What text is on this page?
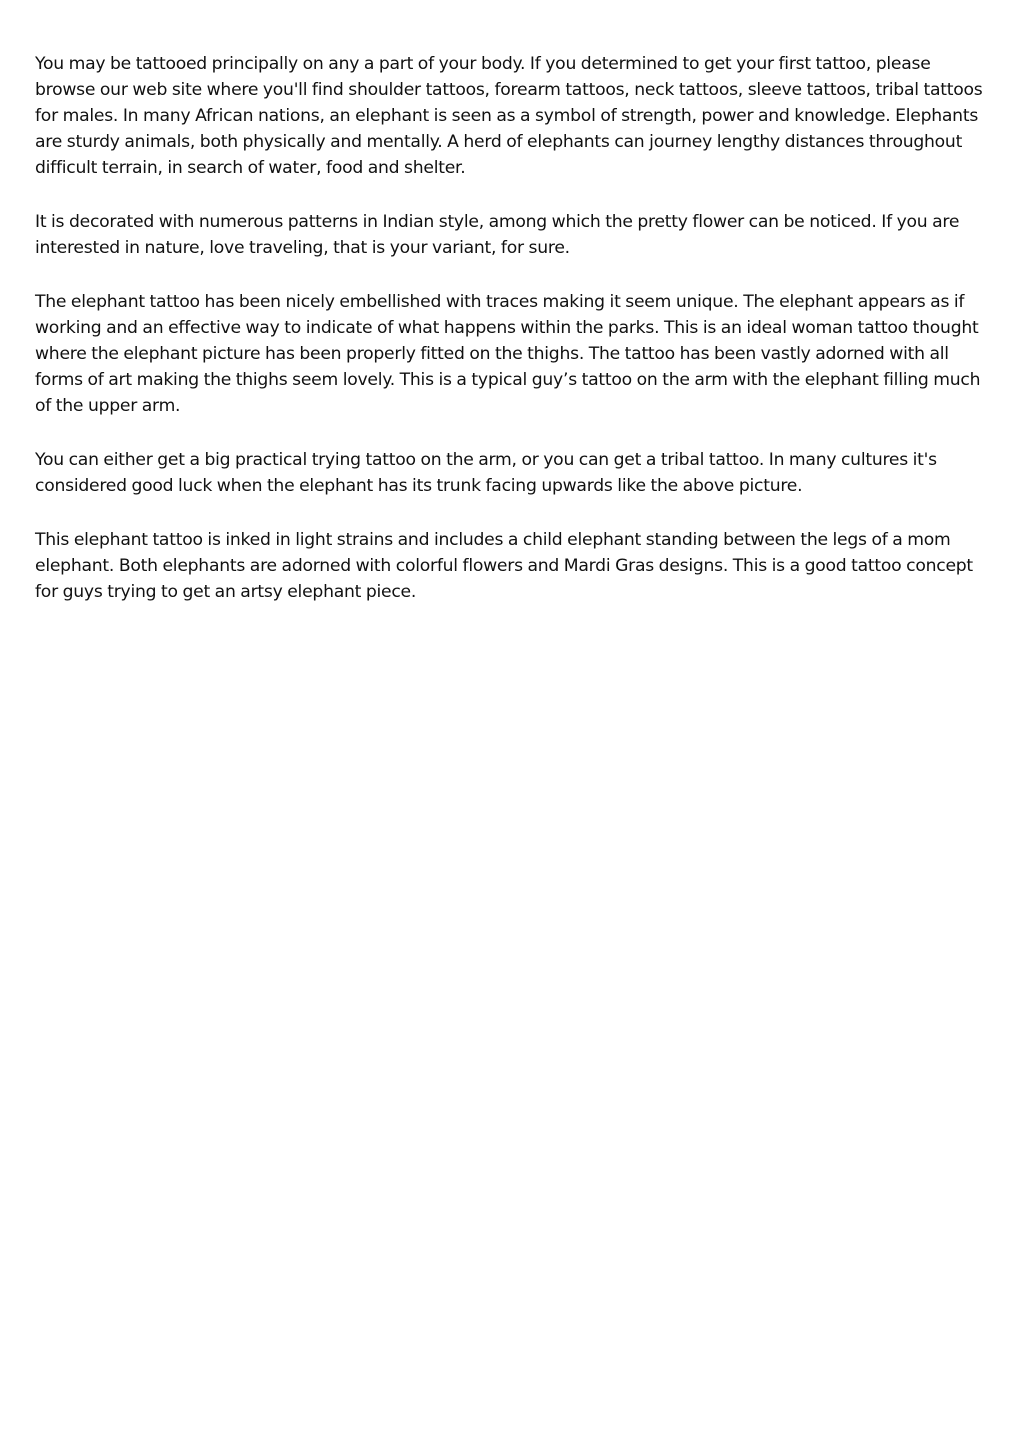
You may be tattooed principally on any a part of your body. If you determined to get your first tattoo, please browse our web site where you'll find shoulder tattoos, forearm tattoos, neck tattoos, sleeve tattoos, tribal tattoos for males. In many African nations, an elephant is seen as a symbol of strength, power and knowledge. Elephants are sturdy animals, both physically and mentally. A herd of elephants can journey lengthy distances throughout difficult terrain, in search of water, food and shelter.

It is decorated with numerous patterns in Indian style, among which the pretty flower can be noticed. If you are interested in nature, love traveling, that is your variant, for sure.

The elephant tattoo has been nicely embellished with traces making it seem unique. The elephant appears as if working and an effective way to indicate of what happens within the parks. This is an ideal woman tattoo thought where the elephant picture has been properly fitted on the thighs. The tattoo has been vastly adorned with all forms of art making the thighs seem lovely. This is a typical guy’s tattoo on the arm with the elephant filling much of the upper arm.

You can either get a big practical trying tattoo on the arm, or you can get a tribal tattoo. In many cultures it's considered good luck when the elephant has its trunk facing upwards like the above picture.

This elephant tattoo is inked in light strains and includes a child elephant standing between the legs of a mom elephant. Both elephants are adorned with colorful flowers and Mardi Gras designs. This is a good tattoo concept for guys trying to get an artsy elephant piece.
